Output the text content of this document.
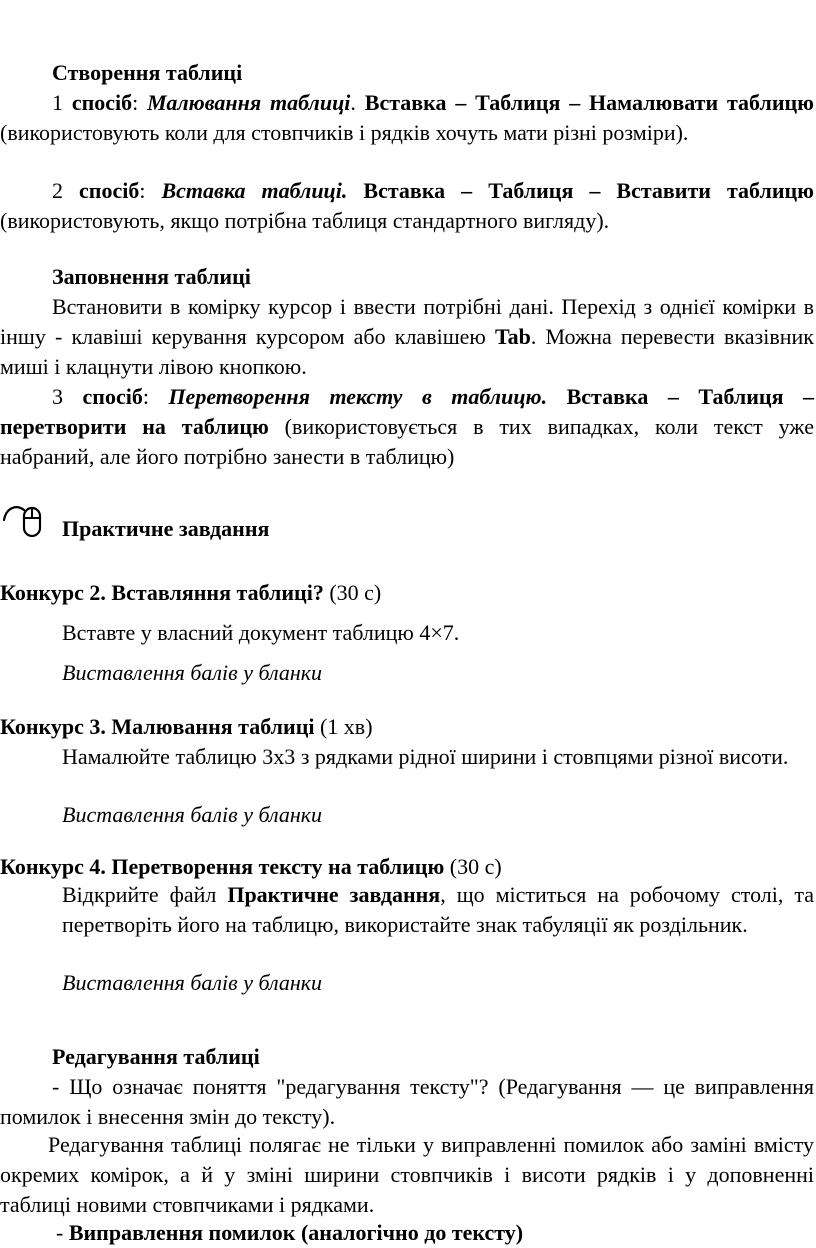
Створення таблиці
1 спосіб: Малювання таблиці. Вставка – Таблиця – Намалювати таблицю (використовують коли для стовпчиків і рядків хочуть мати різні розміри).
2 спосіб: Вставка таблиці. Вставка – Таблиця – Вставити таблицю (використовують, якщо потрібна таблиця стандартного вигляду).
Заповнення таблиці
Встановити в комірку курсор і ввести потрібні дані. Перехід з однієї комірки в іншу - клавіші керування курсором або клавішею Tab. Можна перевести вказівник миші і клацнути лівою кнопкою.
3 спосіб: Перетворення тексту в таблицю. Вставка – Таблиця – перетворити на таблицю (використовується в тих випадках, коли текст уже набраний, але його потрібно занести в таблицю)
Практичне завдання
Конкурс 2. Вставляння таблиці? (30 с)
Вставте у власний документ таблицю 4×7.
Виставлення балів у бланки
Конкурс 3. Малювання таблиці (1 хв)
Намалюйте таблицю 3х3 з рядками рідної ширини і стовпцями різної висоти.
Виставлення балів у бланки
Конкурс 4. Перетворення тексту на таблицю (30 с)
Відкрийте файл Практичне завдання, що міститься на робочому столі, та перетворіть його на таблицю, використайте знак табуляції як роздільник.
Виставлення балів у бланки
Редагування таблиці
- Що означає поняття "редагування тексту"? (Редагування — це виправлення помилок і внесення змін до тексту).
Редагування таблиці полягає не тільки у виправленні помилок або заміні вмісту окремих комірок, а й у зміні ширини стовпчиків і висоти рядків і у доповненні таблиці новими стовпчиками і рядками.
- Виправлення помилок (аналогічно до тексту)
